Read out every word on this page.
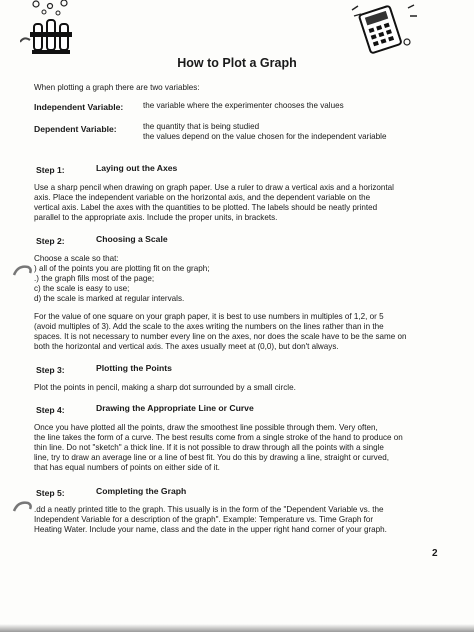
How to Plot a Graph
When plotting a graph there are two variables:
Independent Variable: the variable where the experimenter chooses the values
Dependent Variable:	the quantity that is being studied
the values depend on the value chosen for the independent variable
Step 1:	Laying out the Axes
Use a sharp pencil when drawing on graph paper. Use a ruler to draw a vertical axis and a horizontal
axis. Place the independent variable on the horizontal axis, and the dependent variable on the
vertical axis. Label the axes with the quantities to be plotted. The labels should be neatly printed
parallel to the appropriate axis. Include the proper units, in brackets.
Step 2:	Choosing a Scale
Choose a scale so that:
) all of the points you are plotting fit on the graph;
.) the graph fills most of the page;
c) the scale is easy to use;
d) the scale is marked at regular intervals.
For the value of one square on your graph paper, it is best to use numbers in multiples of 1,2, or 5
(avoid multiples of 3). Add the scale to the axes writing the numbers on the lines rather than in the
spaces. It is not necessary to number every line on the axes, nor does the scale have to be the same on
both the horizontal and vertical axis. The axes usually meet at (0,0), but don't always.
Step 3:	Plotting the Points
Plot the points in pencil, making a sharp dot surrounded by a small circle.
Step 4:	Drawing the Appropriate Line or Curve
Once you have plotted all the points, draw the smoothest line possible through them. Very often,
the line takes the form of a curve. The best results come from a single stroke of the hand to produce on
thin line. Do not "sketch" a thick line. If it is not possible to draw through all the points with a single
line, try to draw an average line or a line of best fit. You do this by drawing a line, straight or curved,
that has equal numbers of points on either side of it.
Step 5:	Completing the Graph
.dd a neatly printed title to the graph. This usually is in the form of the "Dependent Variable vs. the
Independent Variable for a description of the graph". Example: Temperature vs. Time Graph for
Heating Water. Include your name, class and the date in the upper right hand corner of your graph.
2
